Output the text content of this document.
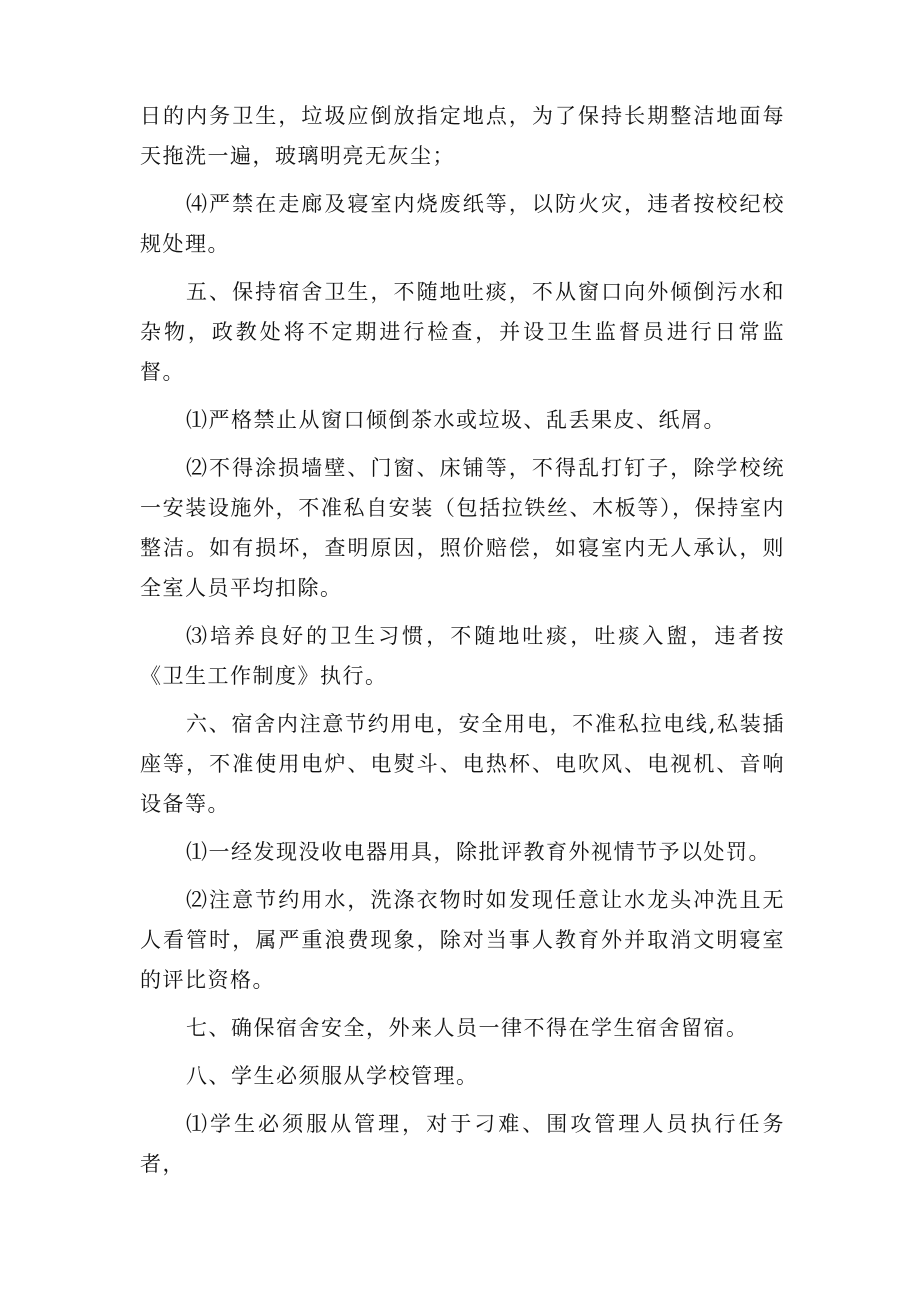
日的内务卫生，垃圾应倒放指定地点，为了保持长期整洁地面每天拖洗一遍，玻璃明亮无灰尘；

⑷严禁在走廊及寝室内烧废纸等，以防火灾，违者按校纪校规处理。

五、保持宿舍卫生，不随地吐痰，不从窗口向外倾倒污水和杂物，政教处将不定期进行检查，并设卫生监督员进行日常监督。

⑴严格禁止从窗口倾倒茶水或垃圾、乱丢果皮、纸屑。

⑵不得涂损墙壁、门窗、床铺等，不得乱打钉子，除学校统一安装设施外，不准私自安装（包括拉铁丝、木板等），保持室内整洁。如有损坏，查明原因，照价赔偿，如寝室内无人承认，则全室人员平均扣除。

⑶培养良好的卫生习惯，不随地吐痰，吐痰入盥，违者按《卫生工作制度》执行。

六、宿舍内注意节约用电，安全用电，不准私拉电线,私装插座等，不准使用电炉、电熨斗、电热杯、电吹风、电视机、音响设备等。

⑴一经发现没收电器用具，除批评教育外视情节予以处罚。

⑵注意节约用水，洗涤衣物时如发现任意让水龙头冲洗且无人看管时，属严重浪费现象，除对当事人教育外并取消文明寝室的评比资格。

七、确保宿舍安全，外来人员一律不得在学生宿舍留宿。

八、学生必须服从学校管理。

⑴学生必须服从管理，对于刁难、围攻管理人员执行任务者，
